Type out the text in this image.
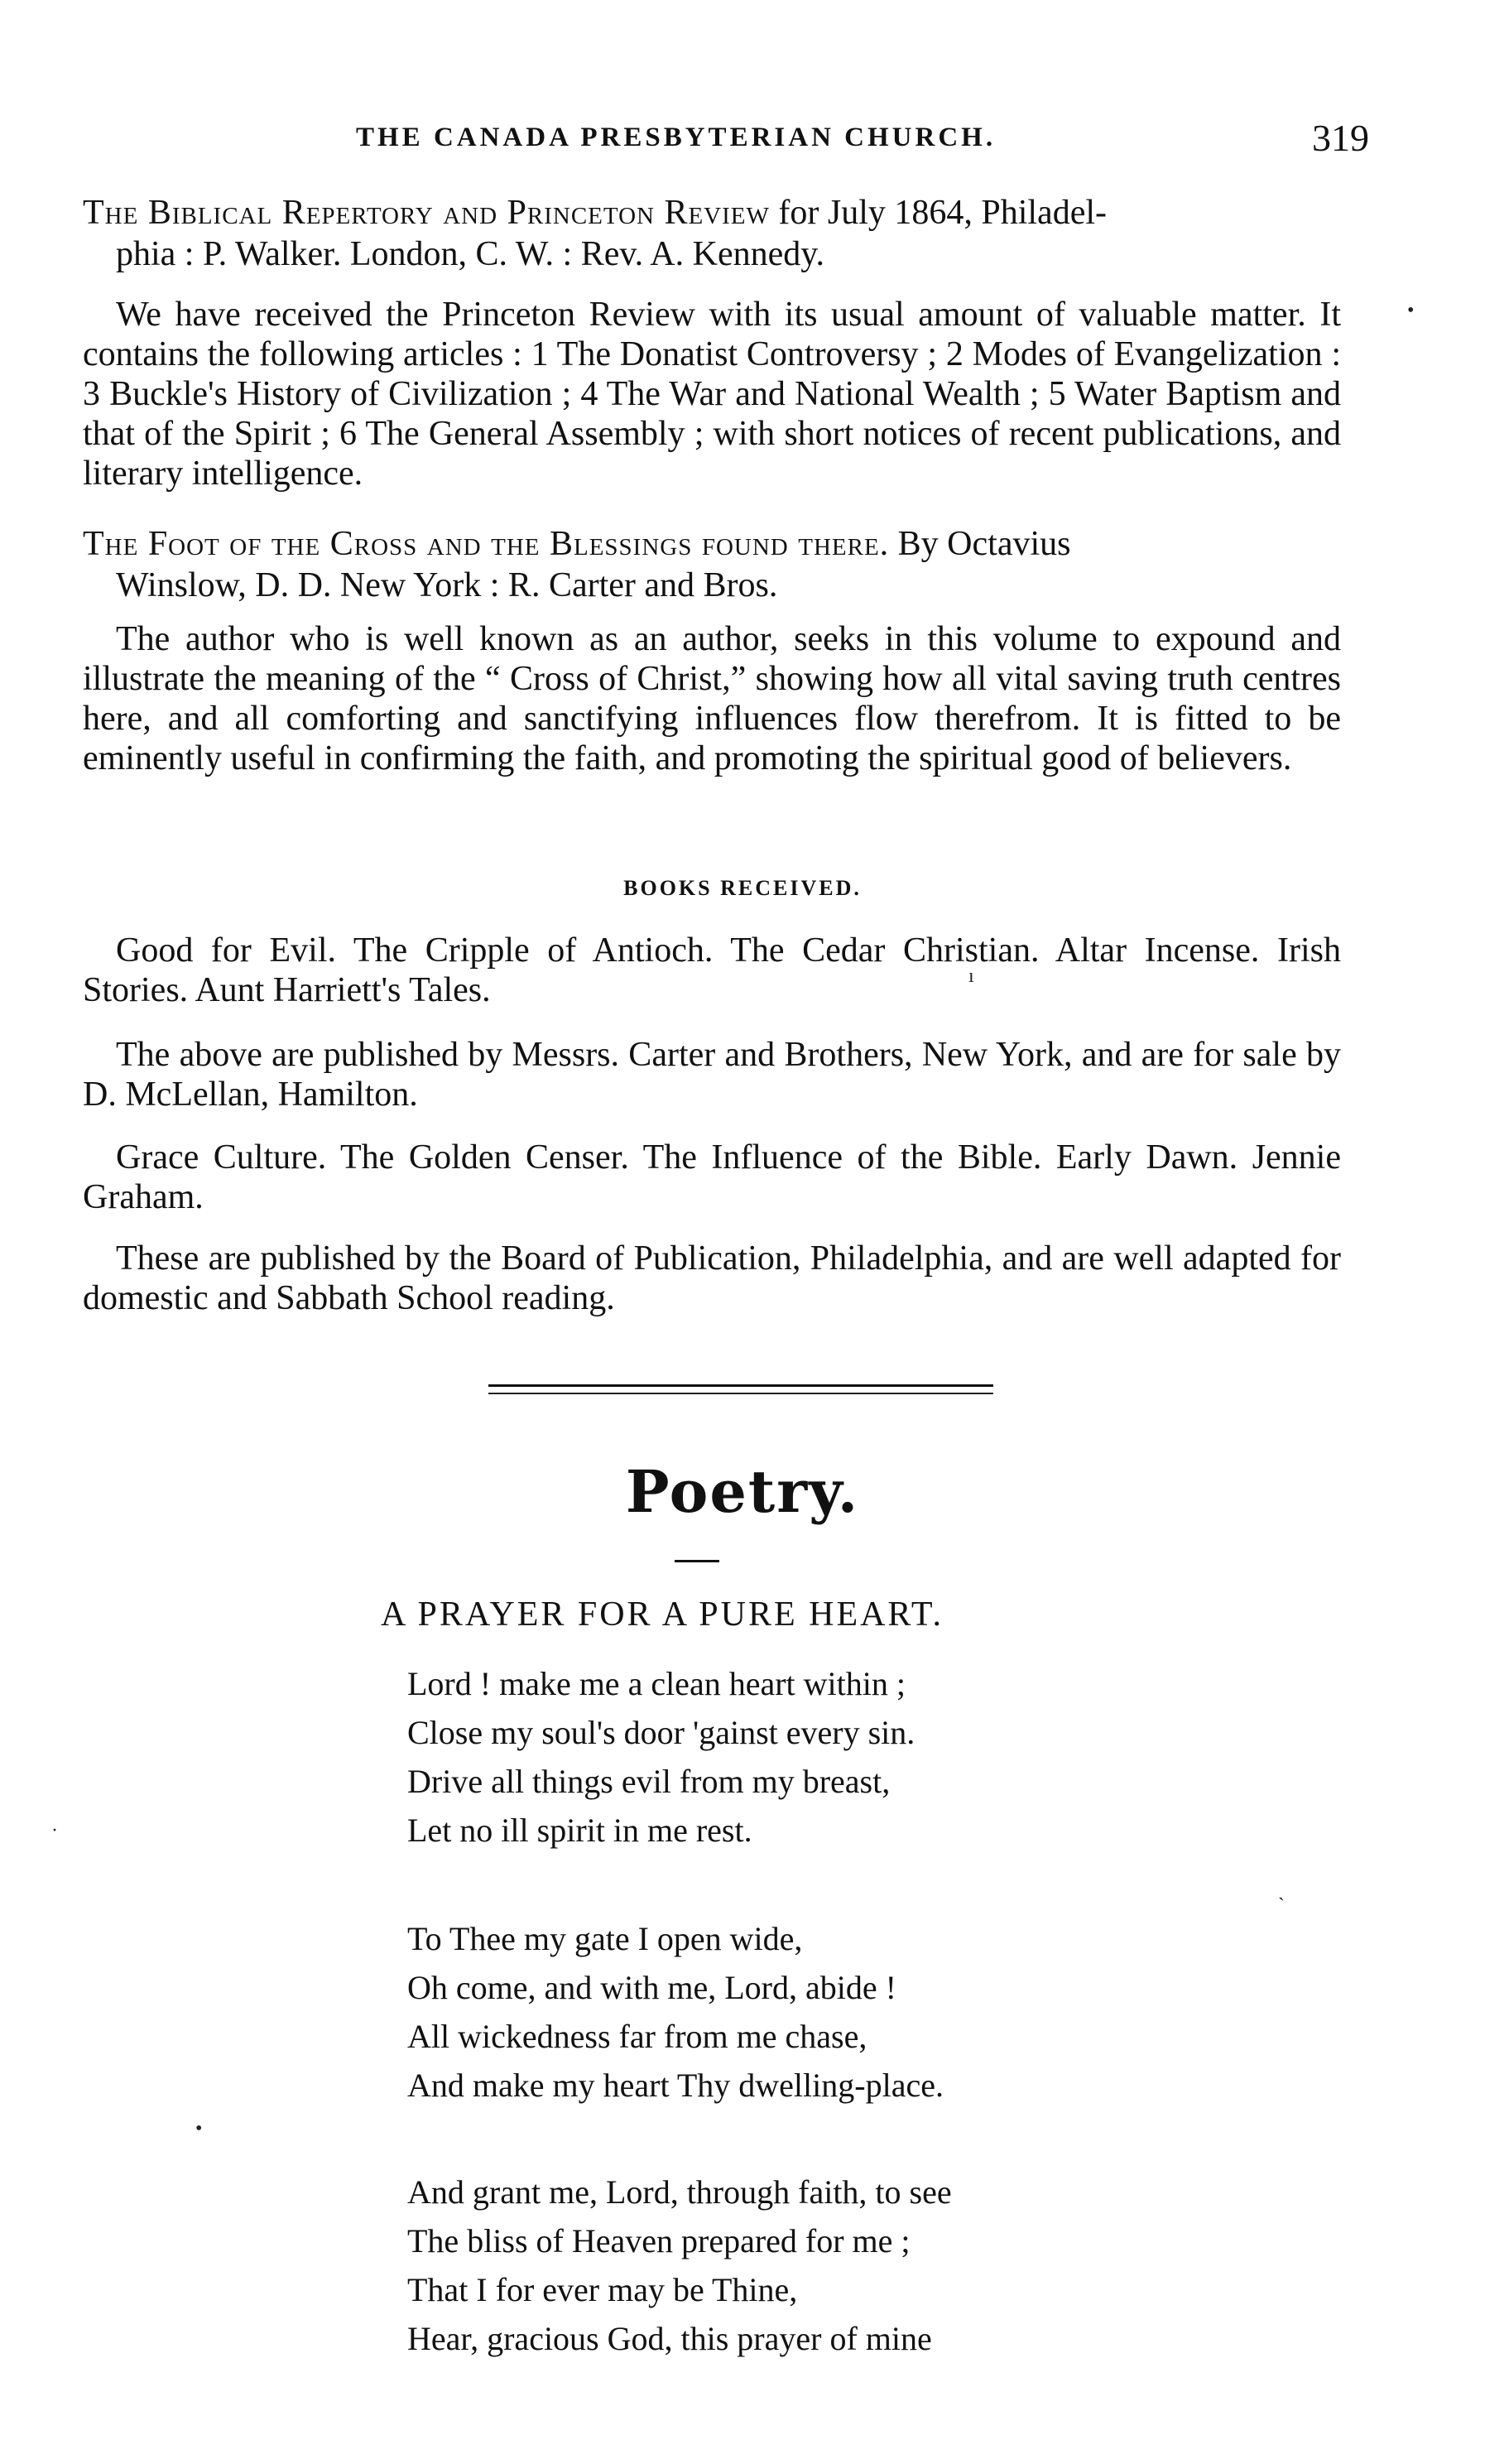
THE CANADA PRESBYTERIAN CHURCH.	319
The Biblical Repertory and Princeton Review for July 1864, Philadel-
phia : P. Walker. London, C. W. : Rev. A. Kennedy.
We have received the Princeton Review with its usual amount of valuable matter. It contains the following articles : 1 The Donatist Controversy ; 2 Modes of Evangelization : 3 Buckle's History of Civilization ; 4 The War and National Wealth ; 5 Water Baptism and that of the Spirit ; 6 The General Assembly ; with short notices of recent publications, and literary intelligence.
The Foot of the Cross and the Blessings found there. By Octavius
Winslow, D. D. New York : R. Carter and Bros.
The author who is well known as an author, seeks in this volume to expound and illustrate the meaning of the “ Cross of Christ,” showing how all vital saving truth centres here, and all comforting and sanctifying influences flow therefrom. It is fitted to be eminently useful in confirming the faith, and promoting the spiritual good of believers.
BOOKS RECEIVED.
Good for Evil. The Cripple of Antioch. The Cedar Christian. Altar Incense. Irish Stories. Aunt Harriett's Tales.
The above are published by Messrs. Carter and Brothers, New York, and are for sale by D. McLellan, Hamilton.
Grace Culture. The Golden Censer. The Influence of the Bible. Early Dawn. Jennie Graham.
These are published by the Board of Publication, Philadelphia, and are well adapted for domestic and Sabbath School reading.
Poetry.
A PRAYER FOR A PURE HEART.
Lord ! make me a clean heart within ;
Close my soul's door 'gainst every sin.
Drive all things evil from my breast,
Let no ill spirit in me rest.
To Thee my gate I open wide,
Oh come, and with me, Lord, abide !
All wickedness far from me chase,
And make my heart Thy dwelling-place.
And grant me, Lord, through faith, to see
The bliss of Heaven prepared for me ;
That I for ever may be Thine,
Hear, gracious God, this prayer of mine
•
ı
·
ˎ
•
